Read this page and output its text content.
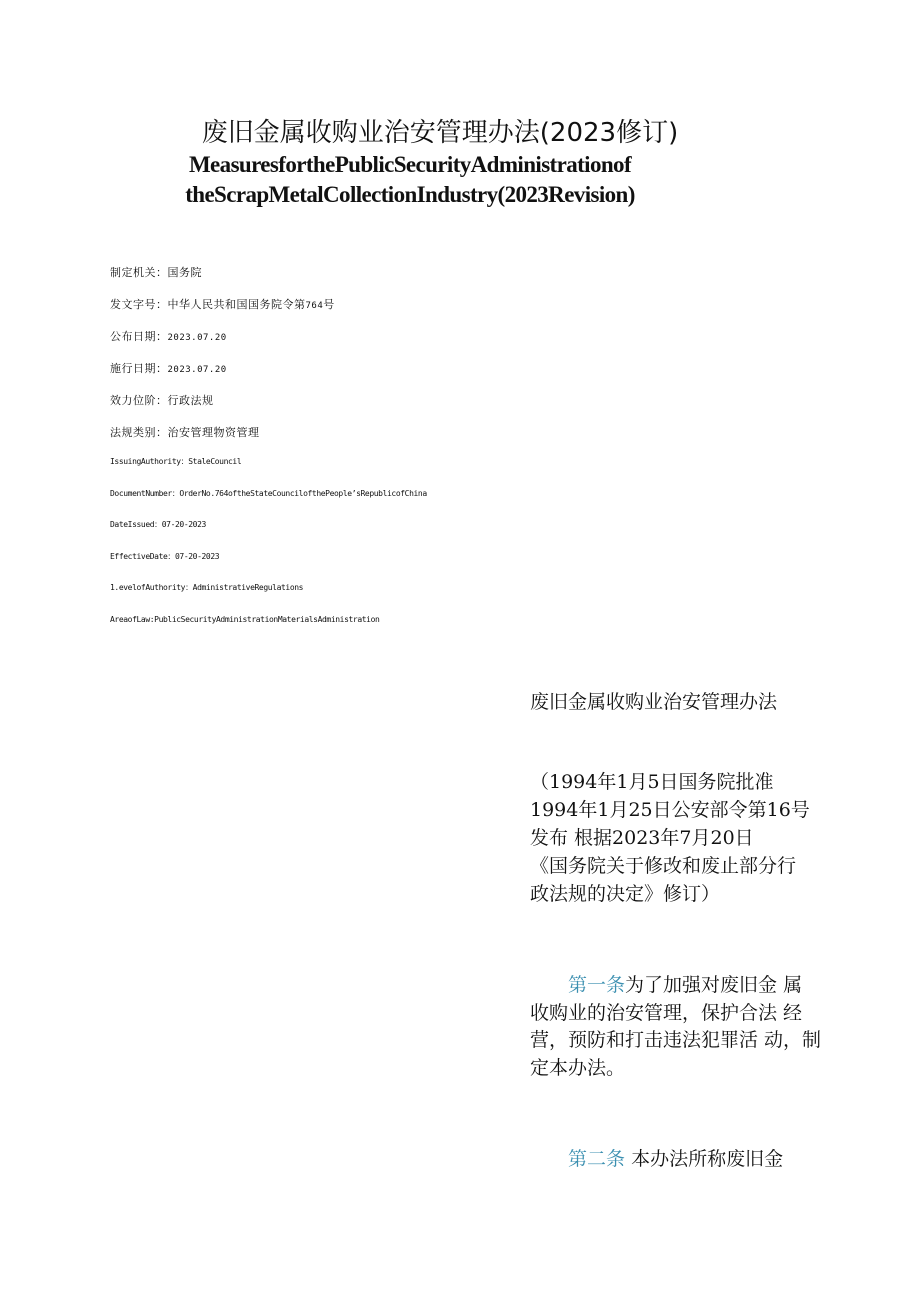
废旧金属收购业治安管理办法(2023修订)
MeasuresforthePublicSecurityAdministrationof
theScrapMetalCollectionIndustry(2023Revision)
制定机关：国务院
发文字号：中华人民共和国国务院令第764号
公布日期：2023.07.20
施行日期：2023.07.20
效力位阶：行政法规
法规类别：治安管理物资管理
IssuingAuthority：StaleCouncil
DocumentNumber：OrderNo.764oftheStateCouncilofthePeople’sRepublicofChina
DateIssued：07-20-2023
EffectiveDate：07-20-2023
1.evelofAuthority：AdministrativeRegulations
AreaofLaw:PublicSecurityAdministrationMaterialsAdministration
废旧金属收购业治安管理办法
（1994年1月5日国务院批准
1994年1月25日公安部令第16号
发布 根据2023年7月20日
《国务院关于修改和废止部分行
政法规的决定》修订）
　　第一条为了加强对废旧金 属
收购业的治安管理，保护合法 经
营，预防和打击违法犯罪活 动，制
定本办法。
　　第二条 本办法所称废旧金
